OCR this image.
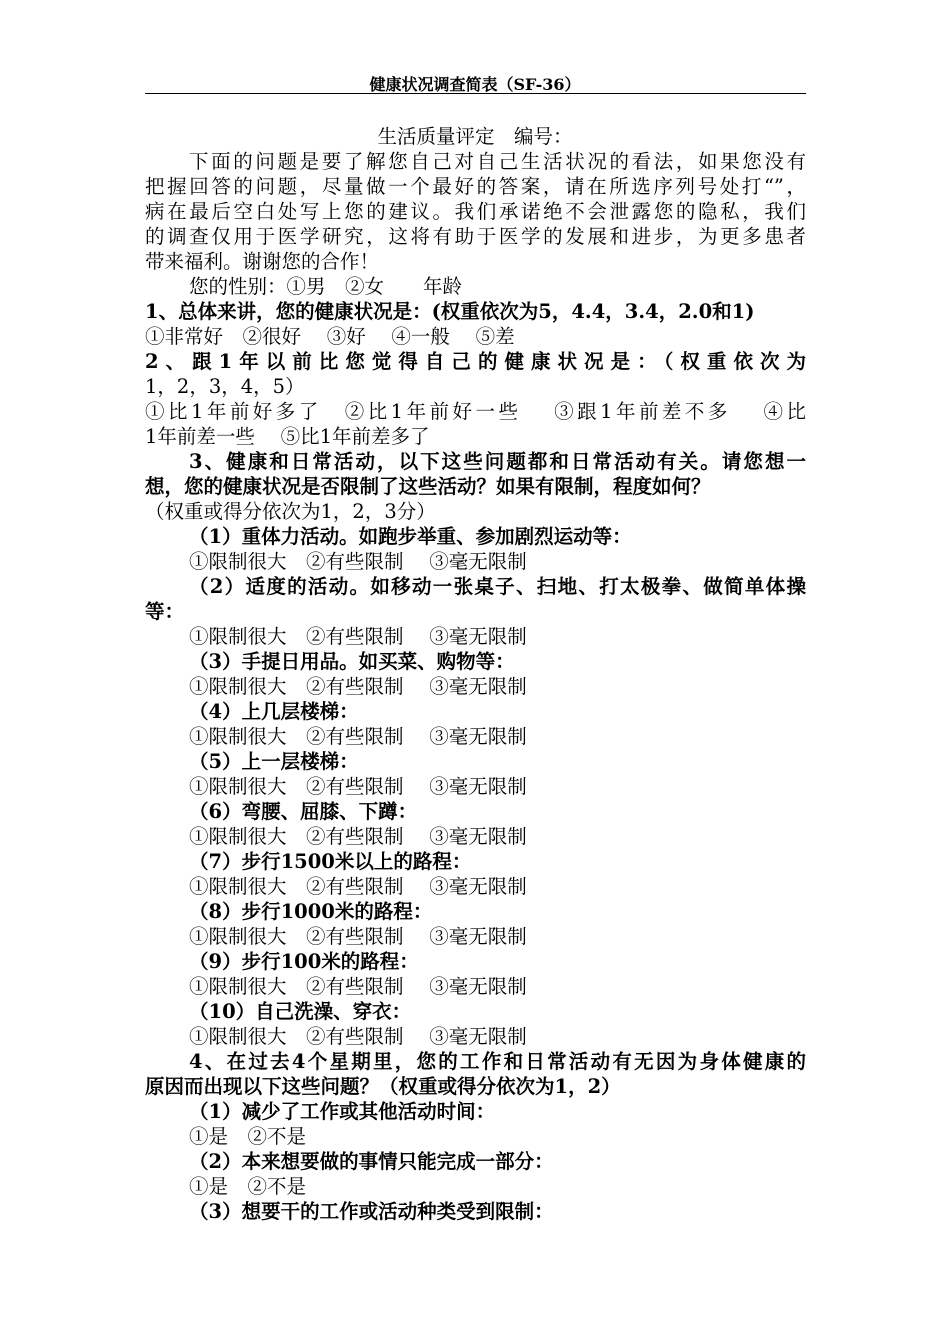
健康状况调查简表（SF-36）
生活质量评定　编号：
下面的问题是要了解您自己对自己生活状况的看法，如果您没有
把握回答的问题，尽量做一个最好的答案，请在所选序列号处打“”，
病在最后空白处写上您的建议。我们承诺绝不会泄露您的隐私，我们
的调查仅用于医学研究，这将有助于医学的发展和进步，为更多患者
带来福利。谢谢您的合作！
您的性别：①男　②女　　年龄
1、总体来讲，您的健康状况是：(权重依次为5，4.4，3.4，2.0和1)
①非常好　②很好　 ③好　 ④一般　 ⑤差
2、跟1年以前比您觉得自己的健康状况是：（权重依次为
1，2，3，4，5）
①比1年前好多了　②比1年前好一些　 ③跟1年前差不多　 ④比
1年前差一些　 ⑤比1年前差多了
3、健康和日常活动，以下这些问题都和日常活动有关。请您想一
想，您的健康状况是否限制了这些活动？如果有限制，程度如何？
（权重或得分依次为1，2，3分）
（1）重体力活动。如跑步举重、参加剧烈运动等：
①限制很大　②有些限制　 ③毫无限制
（2）适度的活动。如移动一张桌子、扫地、打太极拳、做简单体操
等：
①限制很大　②有些限制　 ③毫无限制
（3）手提日用品。如买菜、购物等：
①限制很大　②有些限制　 ③毫无限制
（4）上几层楼梯：
①限制很大　②有些限制　 ③毫无限制
（5）上一层楼梯：
①限制很大　②有些限制　 ③毫无限制
（6）弯腰、屈膝、下蹲：
①限制很大　②有些限制　 ③毫无限制
（7）步行1500米以上的路程：
①限制很大　②有些限制　 ③毫无限制
（8）步行1000米的路程：
①限制很大　②有些限制　 ③毫无限制
（9）步行100米的路程：
①限制很大　②有些限制　 ③毫无限制
（10）自己洗澡、穿衣：
①限制很大　②有些限制　 ③毫无限制
4、在过去4个星期里，您的工作和日常活动有无因为身体健康的
原因而出现以下这些问题？（权重或得分依次为1，2）
（1）减少了工作或其他活动时间：
①是　②不是
（2）本来想要做的事情只能完成一部分：
①是　②不是
（3）想要干的工作或活动种类受到限制：
